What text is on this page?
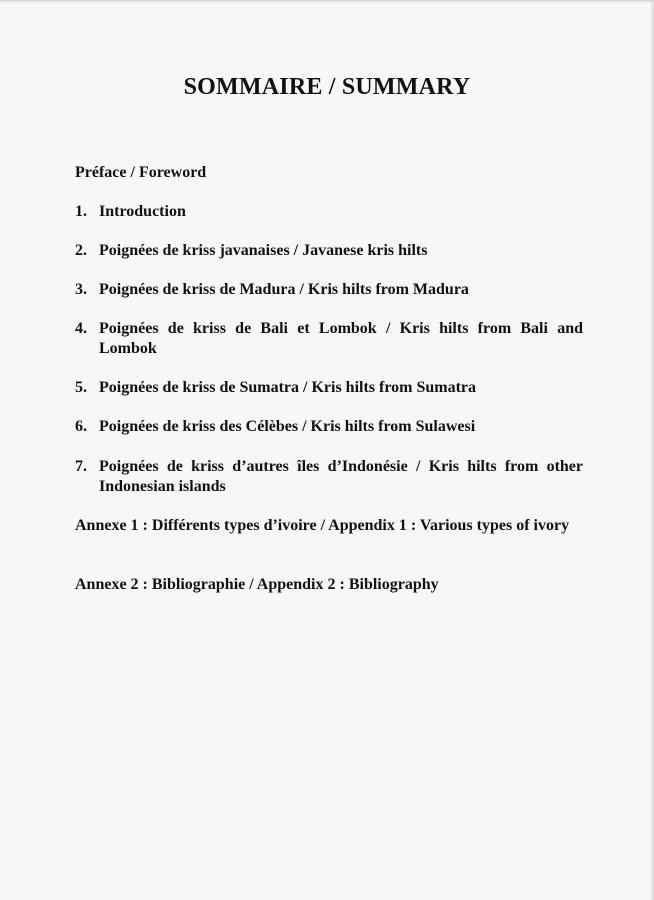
SOMMAIRE / SUMMARY
Préface / Foreword
1. Introduction
2. Poignées de kriss javanaises / Javanese kris hilts
3. Poignées de kriss de Madura / Kris hilts from Madura
4. Poignées de kriss de Bali et Lombok / Kris hilts from Bali and Lombok
5. Poignées de kriss de Sumatra / Kris hilts from Sumatra
6. Poignées de kriss des Célèbes / Kris hilts from Sulawesi
7. Poignées de kriss d’autres îles d’Indonésie / Kris hilts from other Indonesian islands
Annexe 1 : Différents types d’ivoire / Appendix 1 : Various types of ivory
Annexe 2 : Bibliographie / Appendix 2 : Bibliography
